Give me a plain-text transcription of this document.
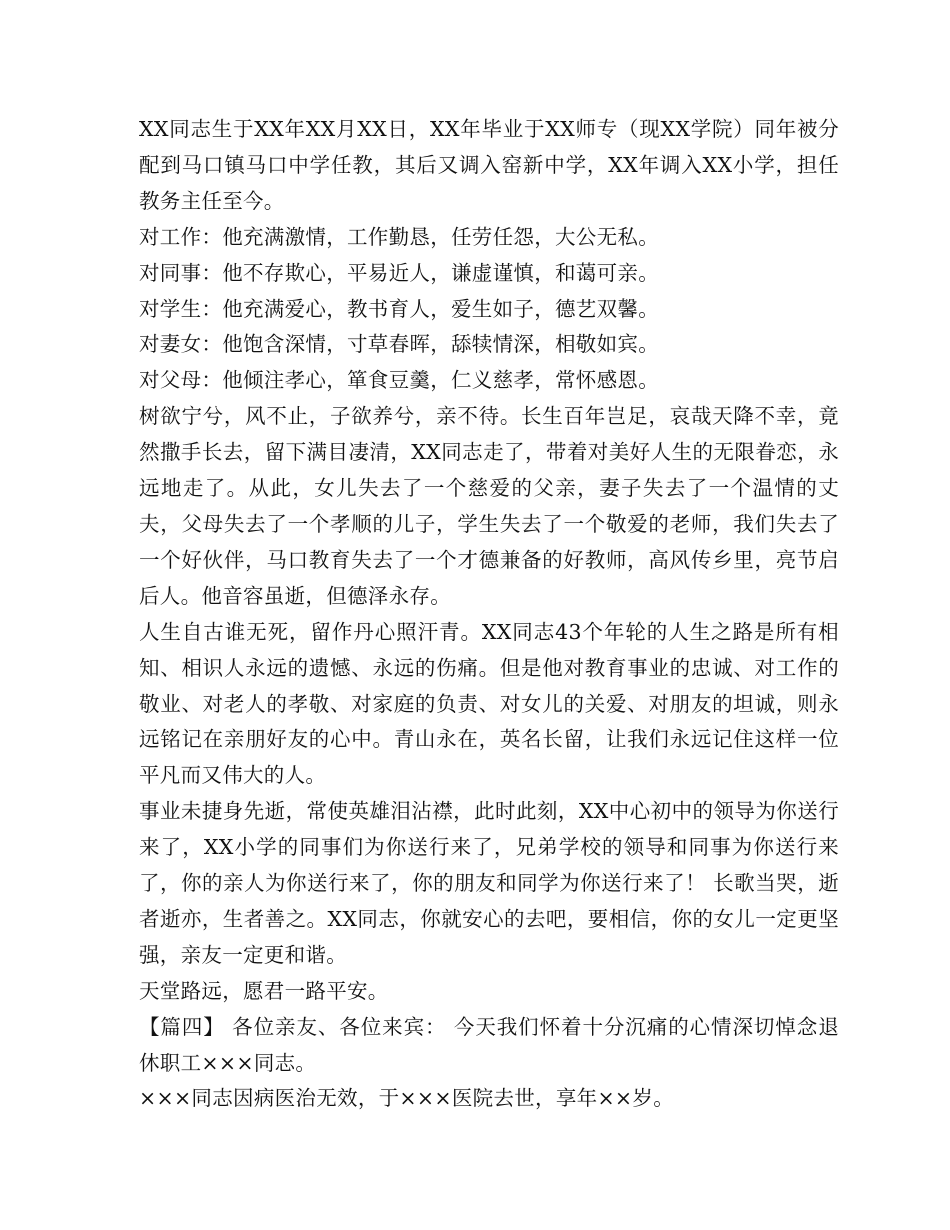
XX同志生于XX年XX月XX日，XX年毕业于XX师专（现XX学院）同年被分配到马口镇马口中学任教，其后又调入窑新中学，XX年调入XX小学，担任教务主任至今。

对工作：他充满激情，工作勤恳，任劳任怨，大公无私。

对同事：他不存欺心，平易近人，谦虚谨慎，和蔼可亲。

对学生：他充满爱心，教书育人，爱生如子，德艺双馨。

对妻女：他饱含深情，寸草春晖，舔犊情深，相敬如宾。

对父母：他倾注孝心，箪食豆羹，仁义慈孝，常怀感恩。

树欲宁兮，风不止，子欲养兮，亲不待。长生百年岂足，哀哉天降不幸，竟然撒手长去，留下满目凄清，XX同志走了，带着对美好人生的无限眷恋，永远地走了。从此，女儿失去了一个慈爱的父亲，妻子失去了一个温情的丈夫，父母失去了一个孝顺的儿子，学生失去了一个敬爱的老师，我们失去了一个好伙伴，马口教育失去了一个才德兼备的好教师，高风传乡里，亮节启后人。他音容虽逝，但德泽永存。

人生自古谁无死，留作丹心照汗青。XX同志43个年轮的人生之路是所有相知、相识人永远的遗憾、永远的伤痛。但是他对教育事业的忠诚、对工作的敬业、对老人的孝敬、对家庭的负责、对女儿的关爱、对朋友的坦诚，则永远铭记在亲朋好友的心中。青山永在，英名长留，让我们永远记住这样一位平凡而又伟大的人。

事业未捷身先逝，常使英雄泪沾襟，此时此刻，XX中心初中的领导为你送行来了，XX小学的同事们为你送行来了，兄弟学校的领导和同事为你送行来了，你的亲人为你送行来了，你的朋友和同学为你送行来了！ 长歌当哭，逝者逝亦，生者善之。XX同志，你就安心的去吧，要相信，你的女儿一定更坚强，亲友一定更和谐。

天堂路远，愿君一路平安。

【篇四】 各位亲友、各位来宾： 今天我们怀着十分沉痛的心情深切悼念退休职工×××同志。

×××同志因病医治无效，于×××医院去世，享年××岁。
